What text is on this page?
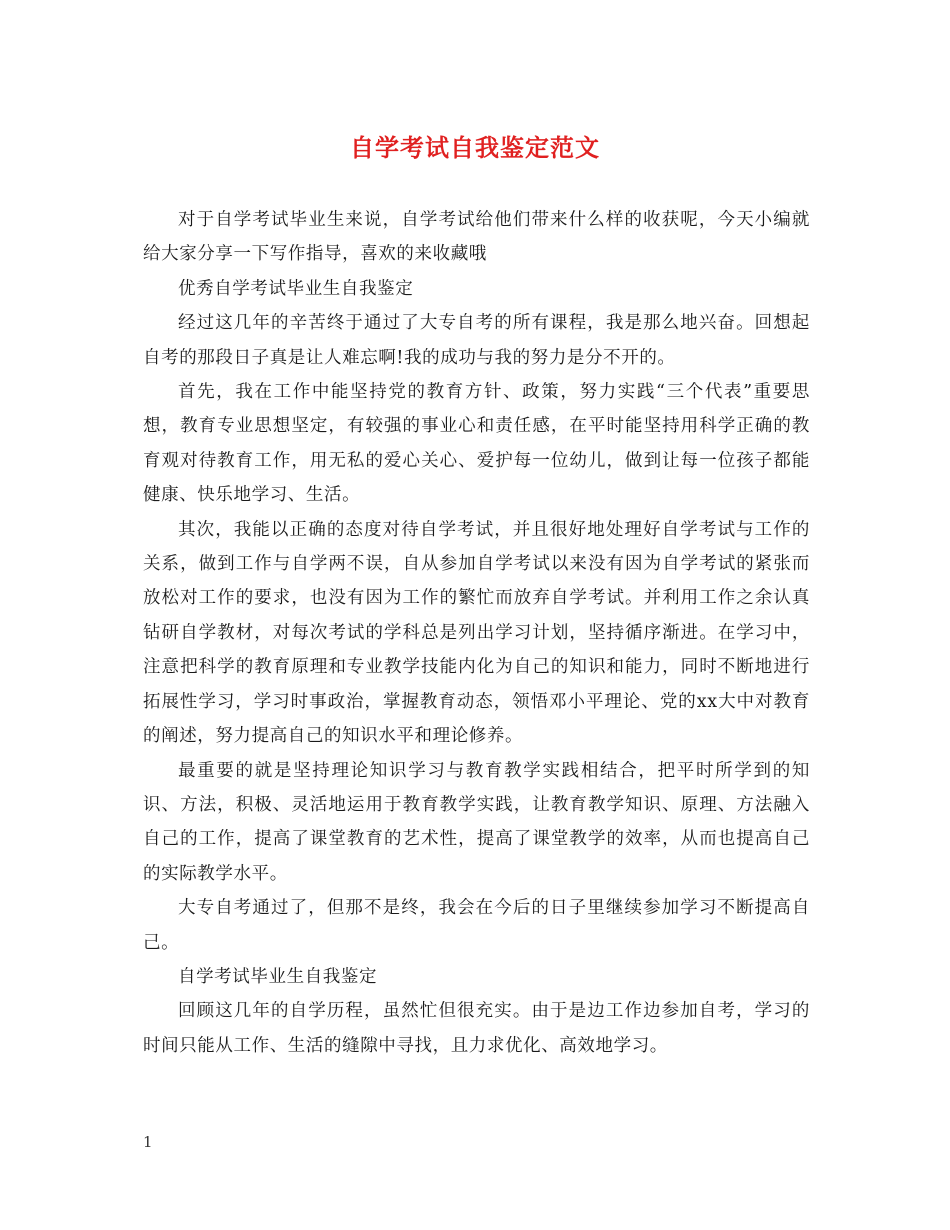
自学考试自我鉴定范文

对于自学考试毕业生来说，自学考试给他们带来什么样的收获呢，今天小编就给大家分享一下写作指导，喜欢的来收藏哦

优秀自学考试毕业生自我鉴定

经过这几年的辛苦终于通过了大专自考的所有课程，我是那么地兴奋。回想起自考的那段日子真是让人难忘啊!我的成功与我的努力是分不开的。

首先，我在工作中能坚持党的教育方针、政策，努力实践“三个代表”重要思想，教育专业思想坚定，有较强的事业心和责任感，在平时能坚持用科学正确的教育观对待教育工作，用无私的爱心关心、爱护每一位幼儿，做到让每一位孩子都能健康、快乐地学习、生活。

其次，我能以正确的态度对待自学考试，并且很好地处理好自学考试与工作的关系，做到工作与自学两不误，自从参加自学考试以来没有因为自学考试的紧张而放松对工作的要求，也没有因为工作的繁忙而放弃自学考试。并利用工作之余认真钻研自学教材，对每次考试的学科总是列出学习计划，坚持循序渐进。在学习中，注意把科学的教育原理和专业教学技能内化为自己的知识和能力，同时不断地进行拓展性学习，学习时事政治，掌握教育动态，领悟邓小平理论、党的xx大中对教育的阐述，努力提高自己的知识水平和理论修养。

最重要的就是坚持理论知识学习与教育教学实践相结合，把平时所学到的知识、方法，积极、灵活地运用于教育教学实践，让教育教学知识、原理、方法融入自己的工作，提高了课堂教育的艺术性，提高了课堂教学的效率，从而也提高自己的实际教学水平。

大专自考通过了，但那不是终，我会在今后的日子里继续参加学习不断提高自己。

自学考试毕业生自我鉴定

回顾这几年的自学历程，虽然忙但很充实。由于是边工作边参加自考，学习的时间只能从工作、生活的缝隙中寻找，且力求优化、高效地学习。

1
